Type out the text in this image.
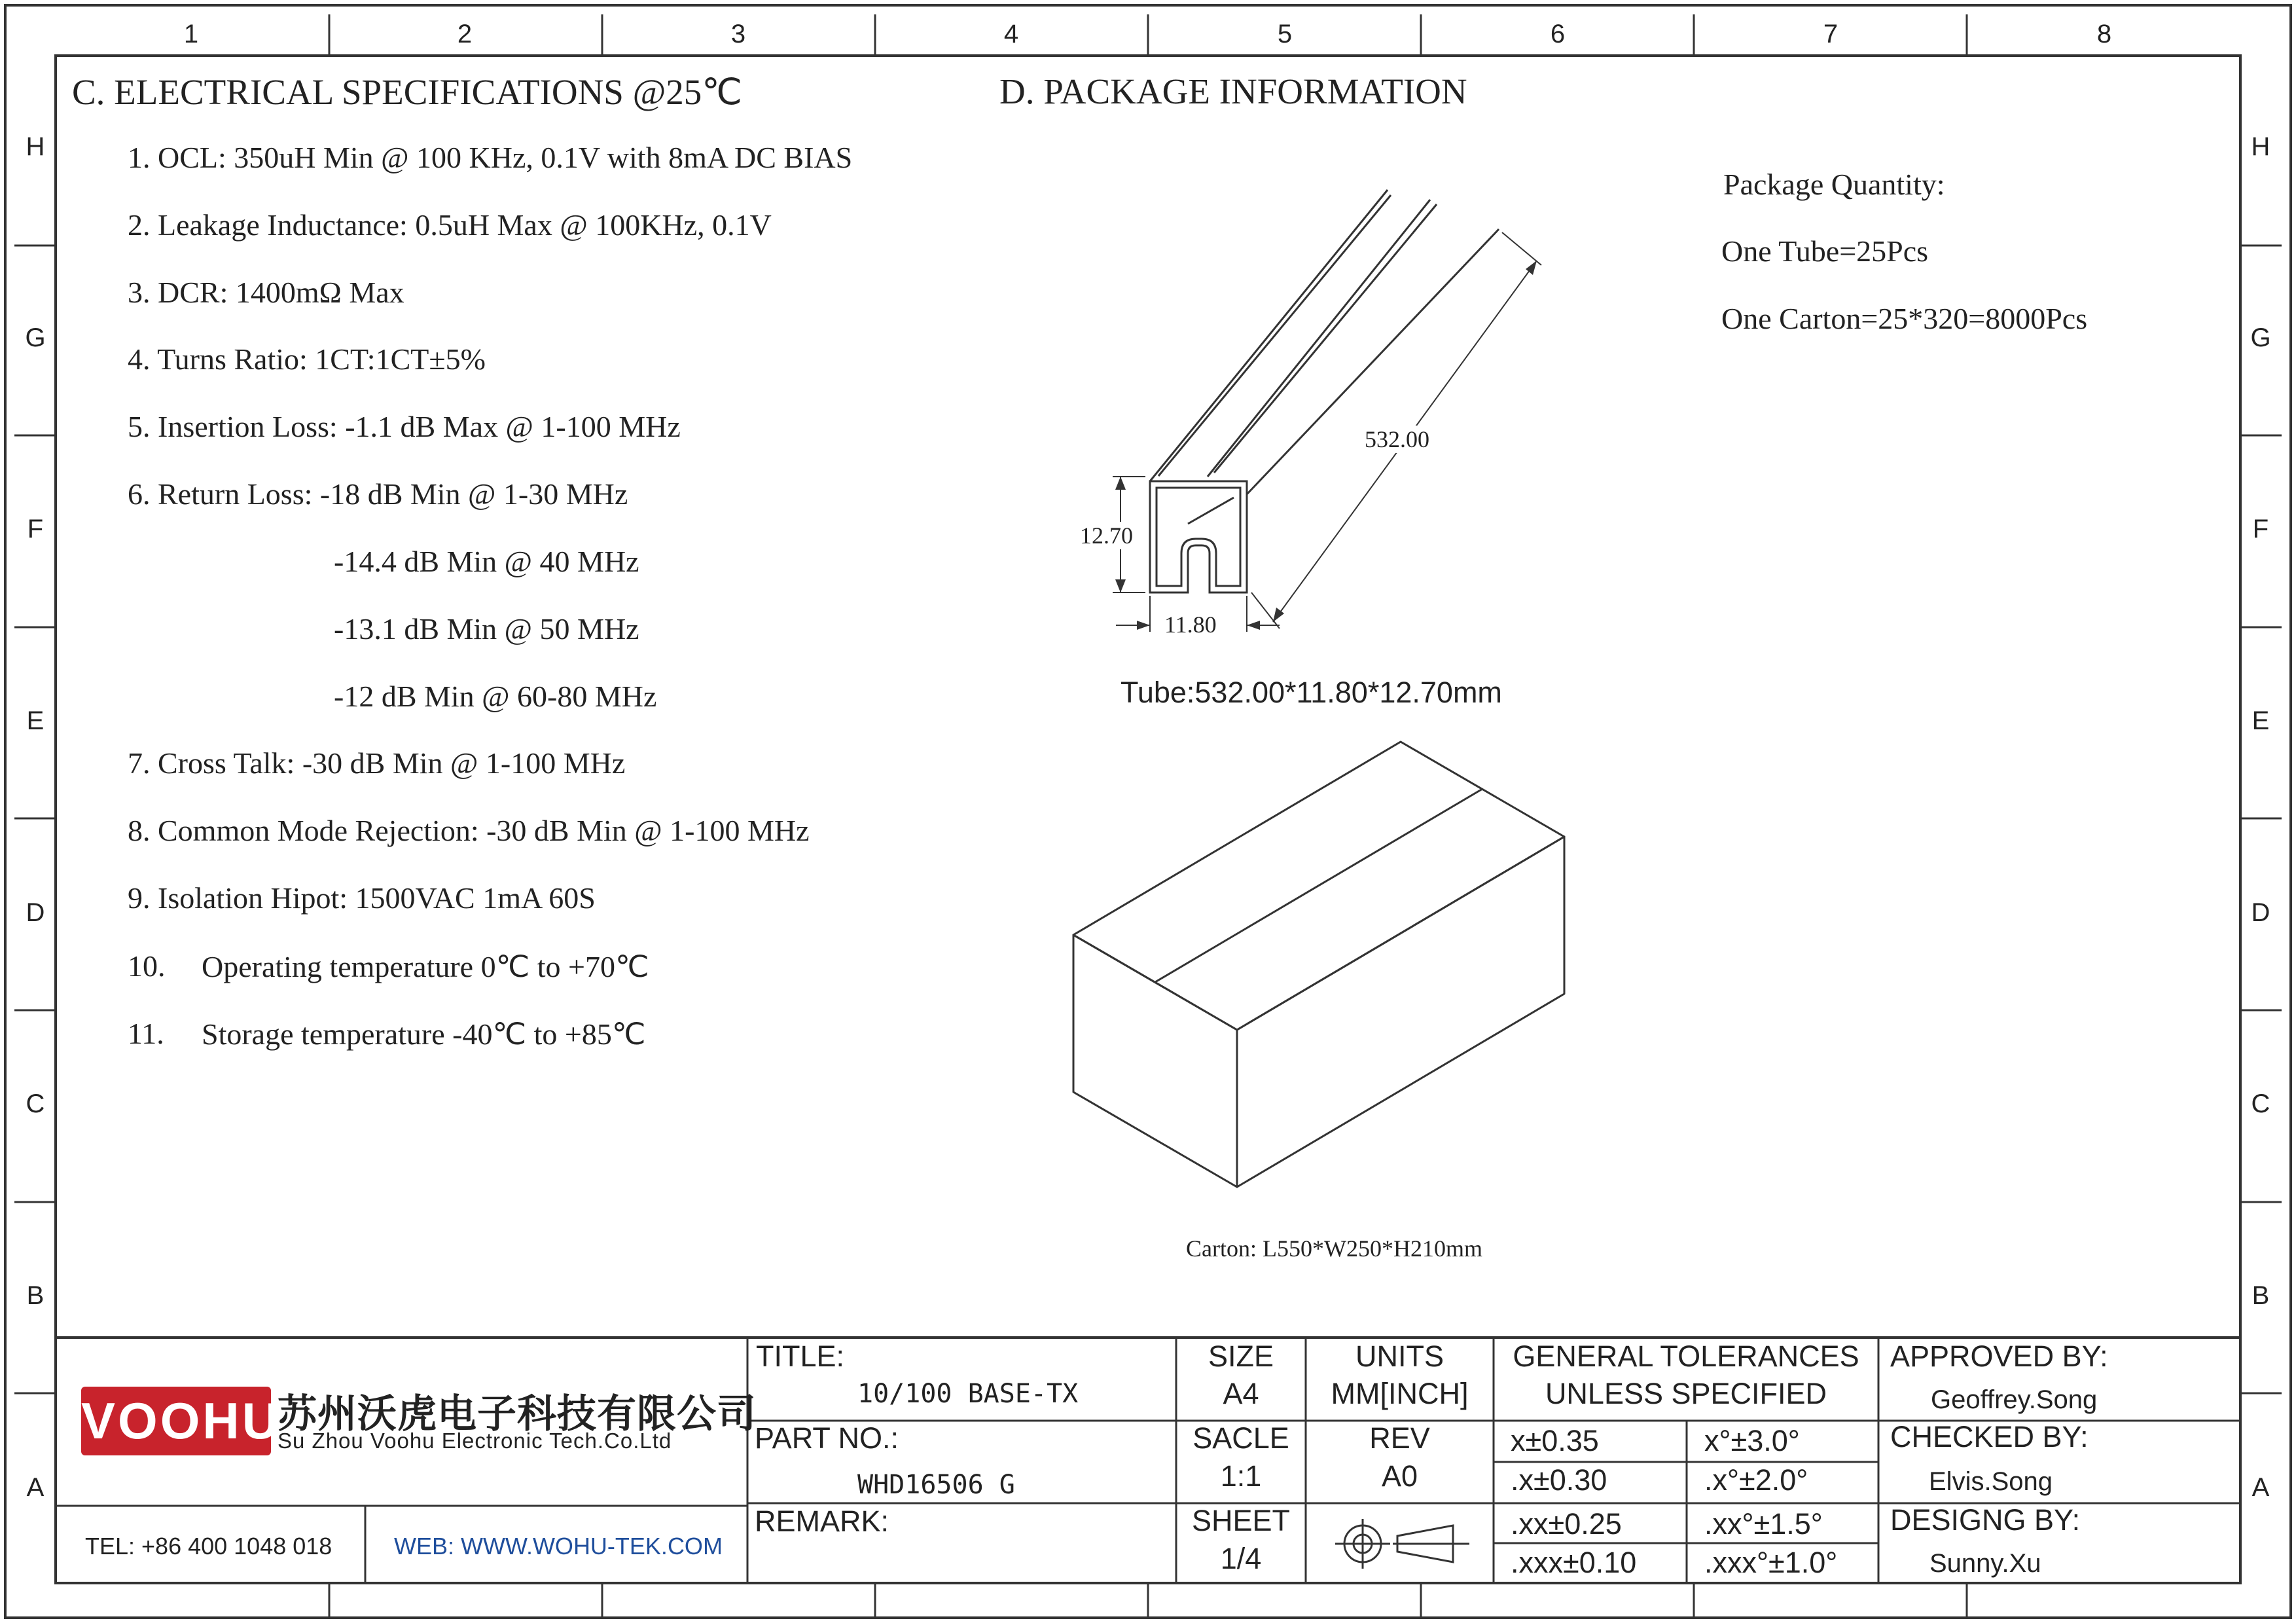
1	2	3	4	5	6	7	8
H
G
F
E
D
C
B
A
H
G
F
E
D
C
B
A
C. ELECTRICAL SPECIFICATIONS @25℃
1. OCL: 350uH Min @ 100 KHz, 0.1V with 8mA DC BIAS
2. Leakage Inductance: 0.5uH Max @ 100KHz, 0.1V
3. DCR: 1400mΩ Max
4. Turns Ratio: 1CT:1CT±5%
5. Insertion Loss: -1.1 dB Max @ 1-100 MHz
6. Return Loss: -18 dB Min @ 1-30 MHz
-14.4 dB Min @ 40 MHz
-13.1 dB Min @ 50 MHz
-12 dB Min @ 60-80 MHz
7. Cross Talk: -30 dB Min @ 1-100 MHz
8. Common Mode Rejection: -30 dB Min @ 1-100 MHz
9. Isolation Hipot: 1500VAC 1mA 60S
10. Operating temperature 0℃ to +70℃
11. Storage temperature -40℃ to +85℃
D. PACKAGE INFORMATION
Package Quantity:
One Tube=25Pcs
One Carton=25*320=8000Pcs
532.00
12.70
11.80
Tube:532.00*11.80*12.70mm
Carton: L550*W250*H210mm
VOOHU
苏州沃虎电子科技有限公司
Su Zhou Voohu Electronic Tech.Co.Ltd
TEL: +86 400 1048 018	WEB: WWW.WOHU-TEK.COM
TITLE:
10/100 BASE-TX
PART NO.:
WHD16506 G
REMARK:
SIZE
A4
SACLE
1:1
SHEET
1/4
UNITS
MM[INCH]
REV
A0
GENERAL TOLERANCES
UNLESS SPECIFIED
x±0.35	x°±3.0°
.x±0.30	.x°±2.0°
.xx±0.25	.xx°±1.5°
.xxx±0.10 .xxx°±1.0°
APPROVED BY:
Geoffrey.Song
CHECKED BY:
Elvis.Song
DESIGNG BY:
Sunny.Xu
